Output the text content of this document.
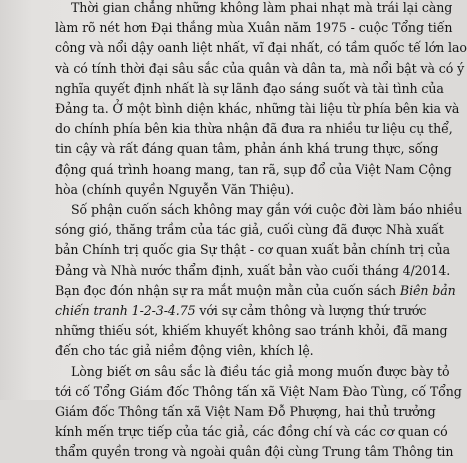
Thời gian chẳng những không làm phai nhạt mà trái lại càng
làm rõ nét hơn Đại thắng mùa Xuân năm 1975 - cuộc Tổng tiến
công và nổi dậy oanh liệt nhất, vĩ đại nhất, có tầm quốc tế lớn lao
và có tính thời đại sâu sắc của quân và dân ta, mà nổi bật và có ý
nghĩa quyết định nhất là sự lãnh đạo sáng suốt và tài tình của
Đảng ta. Ở một bình diện khác, những tài liệu từ phía bên kia và
do chính phía bên kia thừa nhận đã đưa ra nhiều tư liệu cụ thể,
tin cậy và rất đáng quan tâm, phản ánh khá trung thực, sống
động quá trình hoang mang, tan rã, sụp đổ của Việt Nam Cộng
hòa (chính quyền Nguyễn Văn Thiệu).
Số phận cuốn sách không may gắn với cuộc đời làm báo nhiều
sóng gió, thăng trầm của tác giả, cuối cùng đã được Nhà xuất
bản Chính trị quốc gia Sự thật - cơ quan xuất bản chính trị của
Đảng và Nhà nước thẩm định, xuất bản vào cuối tháng 4/2014.
Bạn đọc đón nhận sự ra mắt muộn mằn của cuốn sách Biên bản
chiến tranh 1-2-3-4.75 với sự cảm thông và lượng thứ trước
những thiếu sót, khiếm khuyết không sao tránh khỏi, đã mang
đến cho tác giả niềm động viên, khích lệ.
Lòng biết ơn sâu sắc là điều tác giả mong muốn được bày tỏ
tới cố Tổng Giám đốc Thông tấn xã Việt Nam Đào Tùng, cố Tổng
Giám đốc Thông tấn xã Việt Nam Đỗ Phượng, hai thủ trưởng
kính mến trực tiếp của tác giả, các đồng chí và các cơ quan có
thẩm quyền trong và ngoài quân đội cùng Trung tâm Thông tin
